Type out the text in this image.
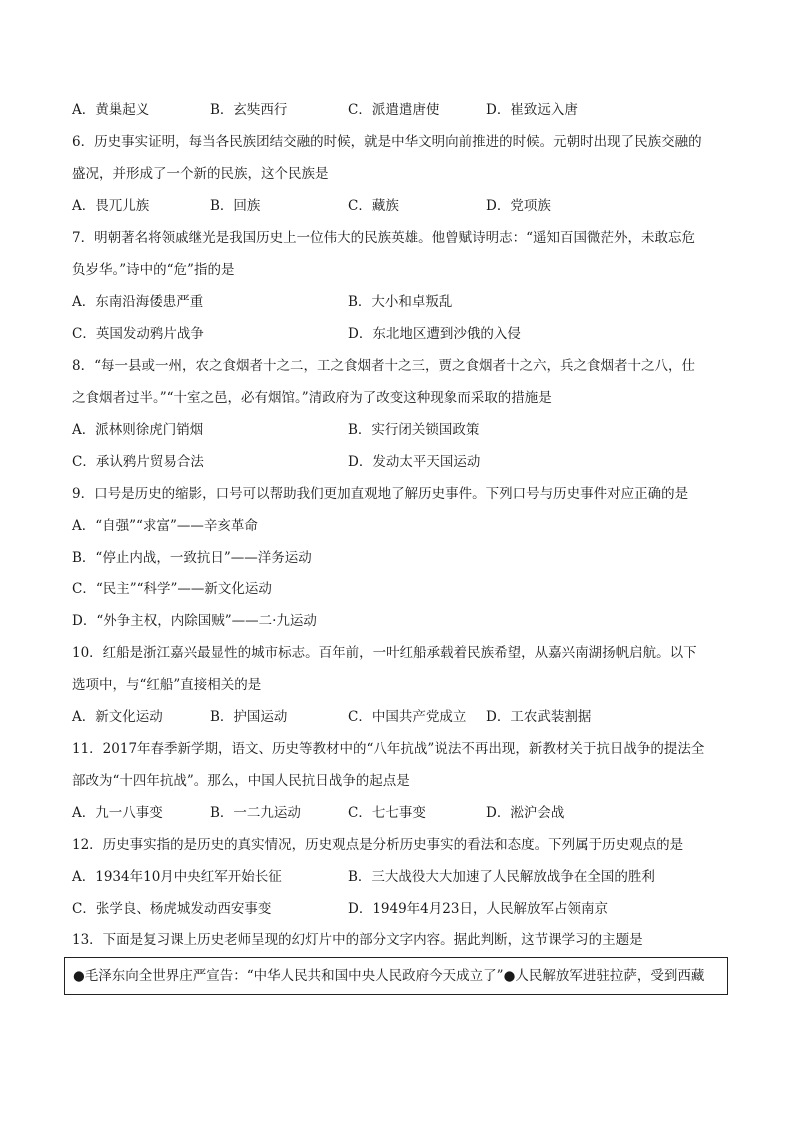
A．黄巢起义	B．玄奘西行	C．派遣遣唐使	D．崔致远入唐
6．历史事实证明，每当各民族团结交融的时候，就是中华文明向前推进的时候。元朝时出现了民族交融的
盛况，并形成了一个新的民族，这个民族是
A．畏兀儿族	B．回族	C．藏族	D．党项族
7．明朝著名将领戚继光是我国历史上一位伟大的民族英雄。他曾赋诗明志：“遥知百国微茫外，未敢忘危
负岁华。”诗中的“危”指的是
A．东南沿海倭患严重	B．大小和卓叛乱
C．英国发动鸦片战争	D．东北地区遭到沙俄的入侵
8．“每一县或一州，农之食烟者十之二，工之食烟者十之三，贾之食烟者十之六，兵之食烟者十之八，仕
之食烟者过半。”“十室之邑，必有烟馆。”清政府为了改变这种现象而采取的措施是
A．派林则徐虎门销烟	B．实行闭关锁国政策
C．承认鸦片贸易合法	D．发动太平天国运动
9．口号是历史的缩影，口号可以帮助我们更加直观地了解历史事件。下列口号与历史事件对应正确的是
A．“自强”“求富”——辛亥革命
B．“停止内战，一致抗日”——洋务运动
C．“民主”“科学”——新文化运动
D．“外争主权，内除国贼”——二·九运动
10．红船是浙江嘉兴最显性的城市标志。百年前，一叶红船承载着民族希望，从嘉兴南湖扬帆启航。以下
选项中，与“红船”直接相关的是
A．新文化运动	B．护国运动	C．中国共产党成立 D．工农武装割据
11．2017年春季新学期，语文、历史等教材中的“八年抗战”说法不再出现，新教材关于抗日战争的提法全
部改为“十四年抗战”。那么，中国人民抗日战争的起点是
A．九一八事变	B．一二九运动	C．七七事变	D．淞沪会战
12．历史事实指的是历史的真实情况，历史观点是分析历史事实的看法和态度。下列属于历史观点的是
A．1934年10月中央红军开始长征	B．三大战役大大加速了人民解放战争在全国的胜利
C．张学良、杨虎城发动西安事变	D．1949年4月23日，人民解放军占领南京
13．下面是复习课上历史老师呈现的幻灯片中的部分文字内容。据此判断，这节课学习的主题是
●毛泽东向全世界庄严宣告：“中华人民共和国中央人民政府今天成立了”●人民解放军进驻拉萨，受到西藏
